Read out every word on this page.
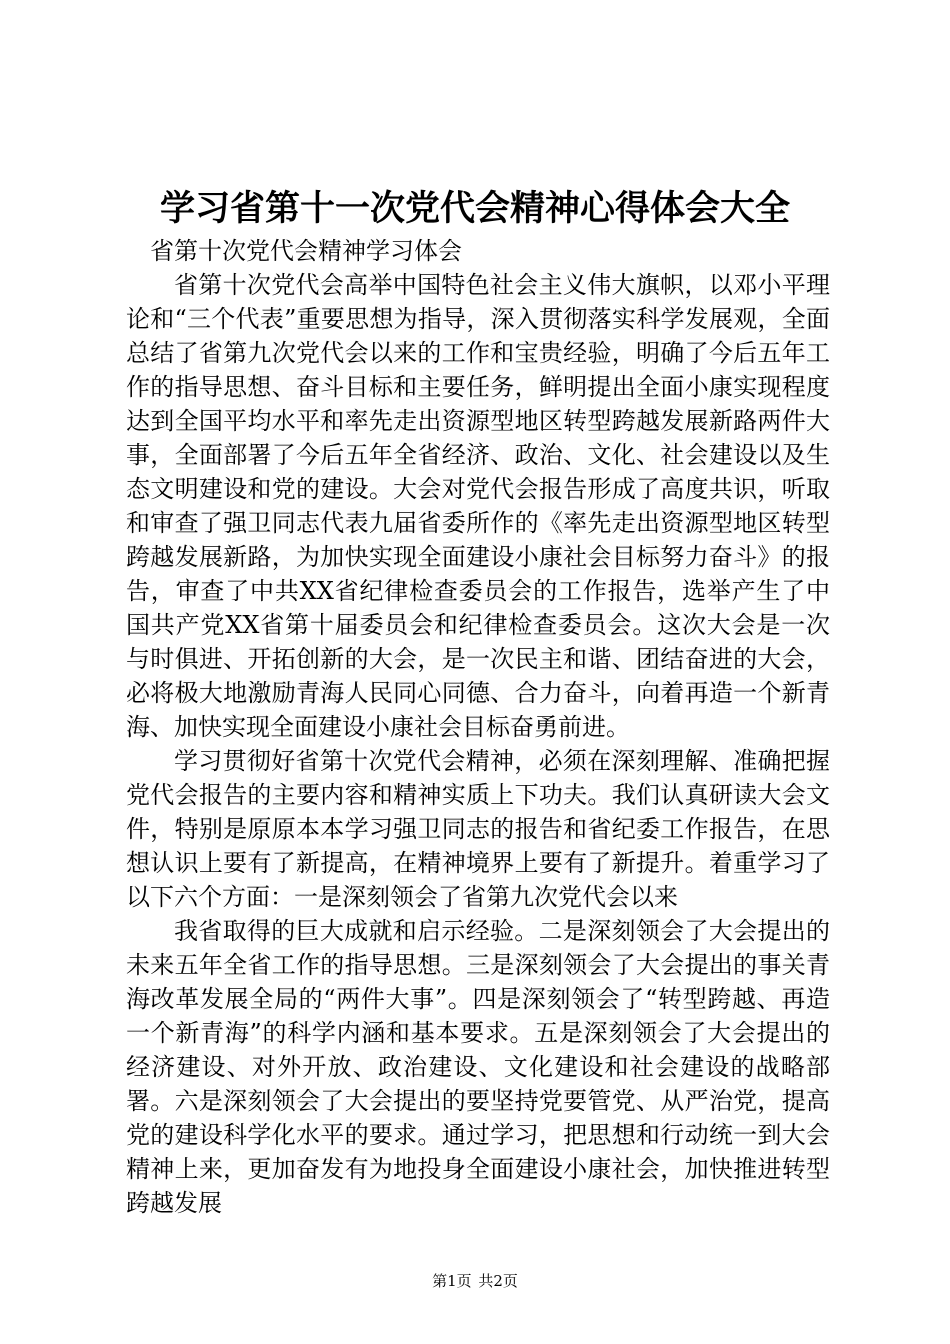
学习省第十一次党代会精神心得体会大全

省第十次党代会精神学习体会

省第十次党代会高举中国特色社会主义伟大旗帜，以邓小平理论和“三个代表”重要思想为指导，深入贯彻落实科学发展观，全面总结了省第九次党代会以来的工作和宝贵经验，明确了今后五年工作的指导思想、奋斗目标和主要任务，鲜明提出全面小康实现程度达到全国平均水平和率先走出资源型地区转型跨越发展新路两件大事，全面部署了今后五年全省经济、政治、文化、社会建设以及生态文明建设和党的建设。大会对党代会报告形成了高度共识，听取和审查了强卫同志代表九届省委所作的《率先走出资源型地区转型跨越发展新路，为加快实现全面建设小康社会目标努力奋斗》的报告，审查了中共XX省纪律检查委员会的工作报告，选举产生了中国共产党XX省第十届委员会和纪律检查委员会。这次大会是一次与时俱进、开拓创新的大会，是一次民主和谐、团结奋进的大会，必将极大地激励青海人民同心同德、合力奋斗，向着再造一个新青海、加快实现全面建设小康社会目标奋勇前进。

学习贯彻好省第十次党代会精神，必须在深刻理解、准确把握党代会报告的主要内容和精神实质上下功夫。我们认真研读大会文件，特别是原原本本学习强卫同志的报告和省纪委工作报告，在思想认识上要有了新提高，在精神境界上要有了新提升。着重学习了以下六个方面：一是深刻领会了省第九次党代会以来

我省取得的巨大成就和启示经验。二是深刻领会了大会提出的未来五年全省工作的指导思想。三是深刻领会了大会提出的事关青海改革发展全局的“两件大事”。四是深刻领会了“转型跨越、再造一个新青海”的科学内涵和基本要求。五是深刻领会了大会提出的经济建设、对外开放、政治建设、文化建设和社会建设的战略部署。六是深刻领会了大会提出的要坚持党要管党、从严治党，提高党的建设科学化水平的要求。通过学习，把思想和行动统一到大会精神上来，更加奋发有为地投身全面建设小康社会，加快推进转型跨越发展

第1页 共2页
